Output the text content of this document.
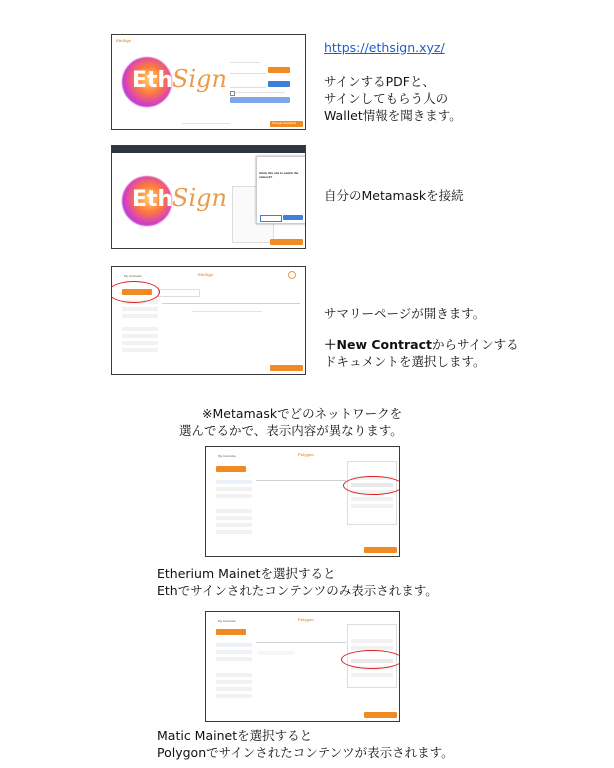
EthSign
Eth
Sign
Provide Feedback
https://ethsign.xyz/
サインするPDFと、
サインしてもらう人の
Wallet情報を聞きます。
Eth
Sign
Allow this site to switch the network?
自分のMetamaskを接続
My Contracts	EthSign
サマリーページが開きます。
＋New Contractからサインする
ドキュメントを選択します。
※Metamaskでどのネットワークを
選んでるかで、表示内容が異なります。
My Contracts	Polygon
Etherium Mainetを選択すると
Ethでサインされたコンテンツのみ表示されます。
My Contracts	Polygon
Matic Mainetを選択すると
Polygonでサインされたコンテンツが表示されます。
